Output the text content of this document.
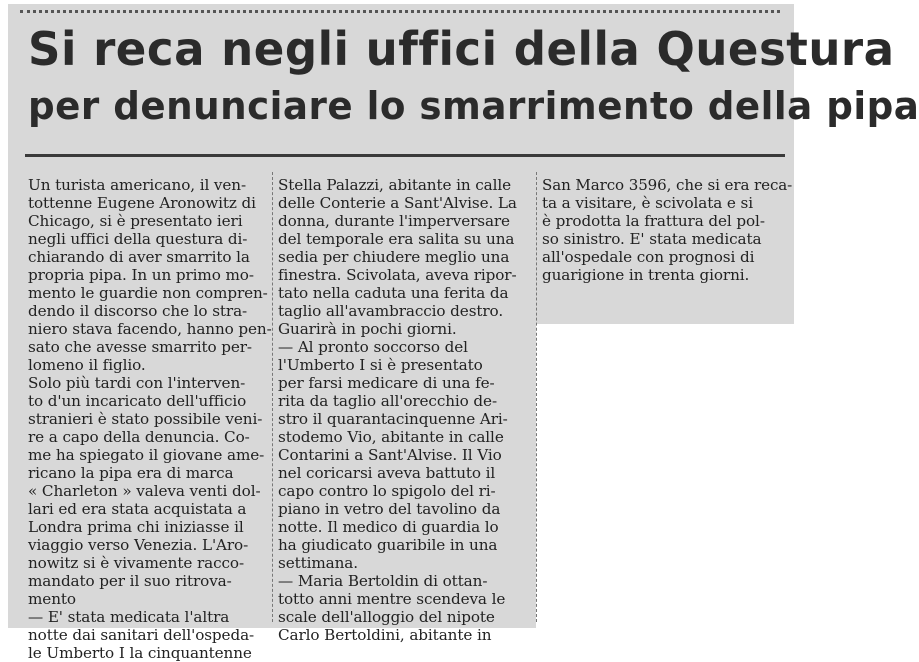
Si reca negli uffici della Questura
per denunciare lo smarrimento della pipa
Un turista americano, il ven-
tottenne Eugene Aronowitz di
Chicago, si è presentato ieri
negli uffici della questura di-
chiarando di aver smarrito la
propria pipa. In un primo mo-
mento le guardie non compren-
dendo il discorso che lo stra-
niero stava facendo, hanno pen-
sato che avesse smarrito per-
lomeno il figlio.
Solo più tardi con l'interven-
to d'un incaricato dell'ufficio
stranieri è stato possibile veni-
re a capo della denuncia. Co-
me ha spiegato il giovane ame-
ricano la pipa era di marca
« Charleton » valeva venti dol-
lari ed era stata acquistata a
Londra prima chi iniziasse il
viaggio verso Venezia. L'Aro-
nowitz si è vivamente racco-
mandato per il suo ritrova-
mento
— E' stata medicata l'altra
notte dai sanitari dell'ospeda-
le Umberto I la cinquantenne
Stella Palazzi, abitante in calle
delle Conterie a Sant'Alvise. La
donna, durante l'imperversare
del temporale era salita su una
sedia per chiudere meglio una
finestra. Scivolata, aveva ripor-
tato nella caduta una ferita da
taglio all'avambraccio destro.
Guarirà in pochi giorni.
— Al pronto soccorso del
l'Umberto I si è presentato
per farsi medicare di una fe-
rita da taglio all'orecchio de-
stro il quarantacinquenne Ari-
stodemo Vio, abitante in calle
Contarini a Sant'Alvise. Il Vio
nel coricarsi aveva battuto il
capo contro lo spigolo del ri-
piano in vetro del tavolino da
notte. Il medico di guardia lo
ha giudicato guaribile in una
settimana.
— Maria Bertoldin di ottan-
totto anni mentre scendeva le
scale dell'alloggio del nipote
Carlo Bertoldini, abitante in
San Marco 3596, che si era reca-
ta a visitare, è scivolata e si
è prodotta la frattura del pol-
so sinistro. E' stata medicata
all'ospedale con prognosi di
guarigione in trenta giorni.
